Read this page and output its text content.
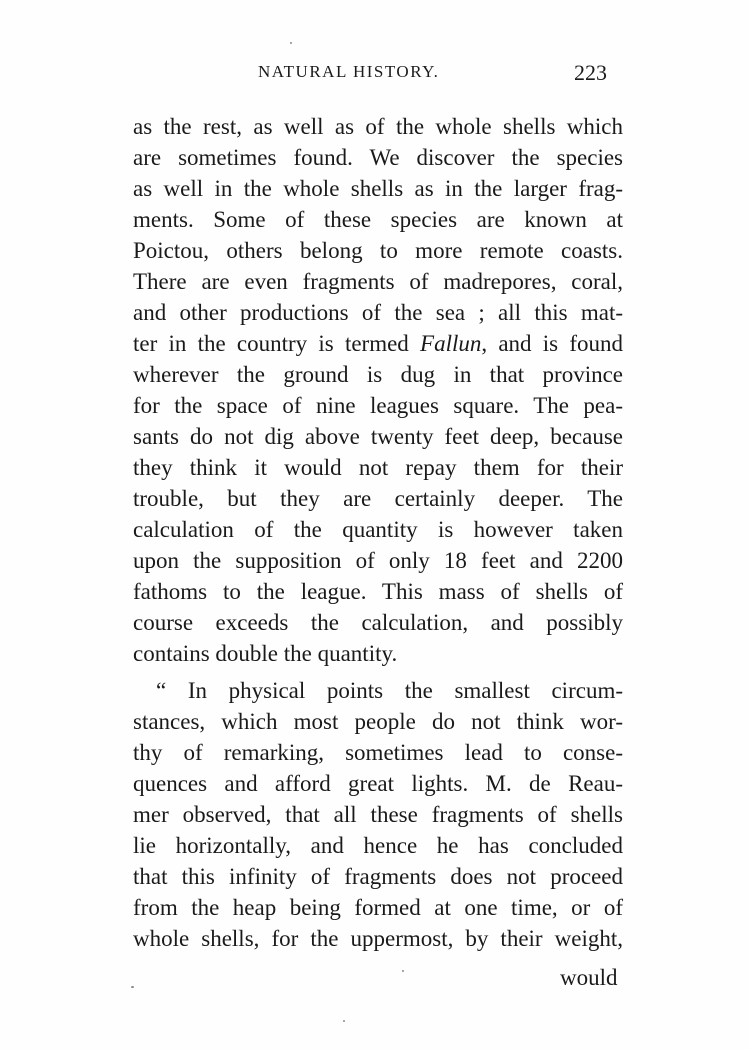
NATURAL HISTORY.	223
as the rest, as well as of the whole shells which
are sometimes found. We discover the species
as well in the whole shells as in the larger frag-
ments. Some of these species are known at
Poictou, others belong to more remote coasts.
There are even fragments of madrepores, coral,
and other productions of the sea ; all this mat-
ter in the country is termed Fallun, and is found
wherever the ground is dug in that province
for the space of nine leagues square. The pea-
sants do not dig above twenty feet deep, because
they think it would not repay them for their
trouble, but they are certainly deeper. The
calculation of the quantity is however taken
upon the supposition of only 18 feet and 2200
fathoms to the league. This mass of shells of
course exceeds the calculation, and possibly
contains double the quantity.
“ In physical points the smallest circum-
stances, which most people do not think wor-
thy of remarking, sometimes lead to conse-
quences and afford great lights. M. de Reau-
mer observed, that all these fragments of shells
lie horizontally, and hence he has concluded
that this infinity of fragments does not proceed
from the heap being formed at one time, or of
whole shells, for the uppermost, by their weight,
would
